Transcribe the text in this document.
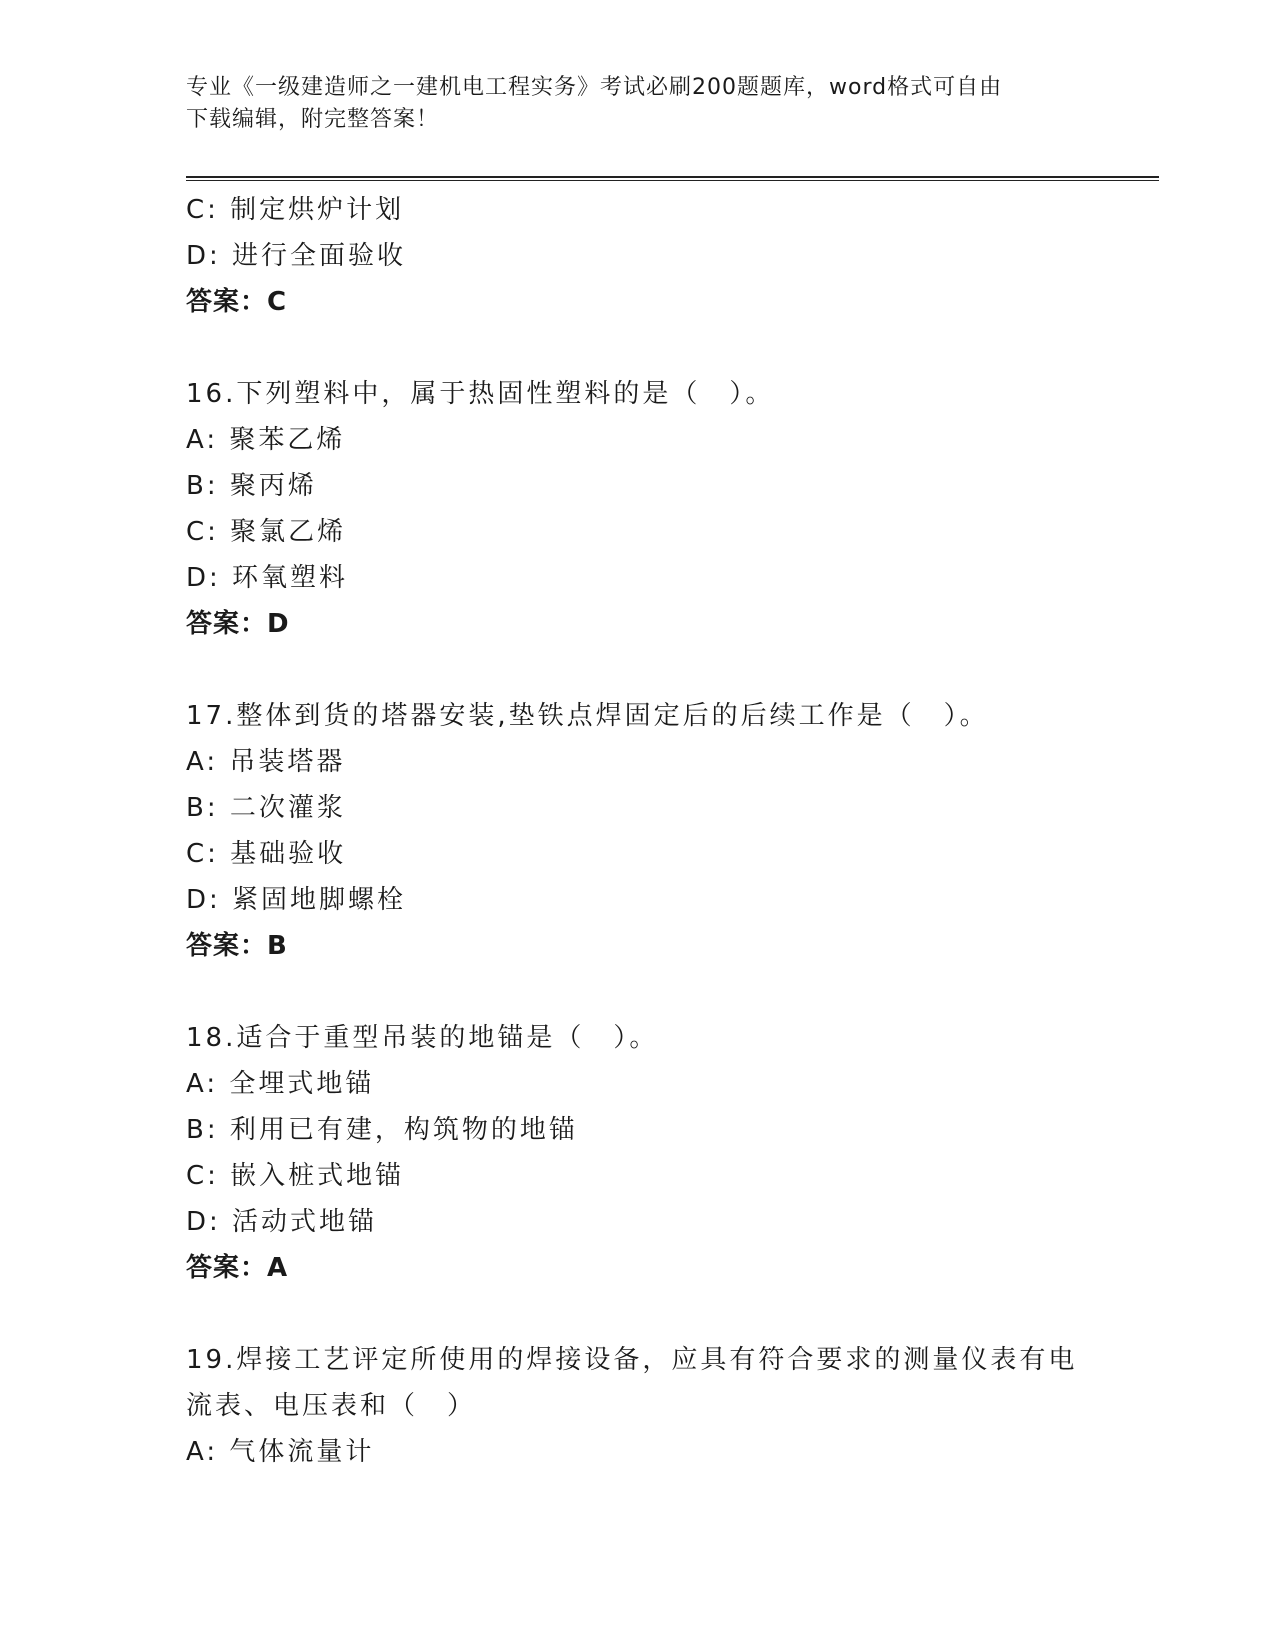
专业《一级建造师之一建机电工程实务》考试必刷200题题库，word格式可自由
下载编辑，附完整答案！

C: 制定烘炉计划

D: 进行全面验收

答案：C

16.下列塑料中，属于热固性塑料的是（　）。

A: 聚苯乙烯

B: 聚丙烯

C: 聚氯乙烯

D: 环氧塑料

答案：D

17.整体到货的塔器安装,垫铁点焊固定后的后续工作是（　）。

A: 吊装塔器

B: 二次灌浆

C: 基础验收

D: 紧固地脚螺栓

答案：B

18.适合于重型吊装的地锚是（　）。

A: 全埋式地锚

B: 利用已有建，构筑物的地锚

C: 嵌入桩式地锚

D: 活动式地锚

答案：A

19.焊接工艺评定所使用的焊接设备，应具有符合要求的测量仪表有电

流表、电压表和（　）

A: 气体流量计
